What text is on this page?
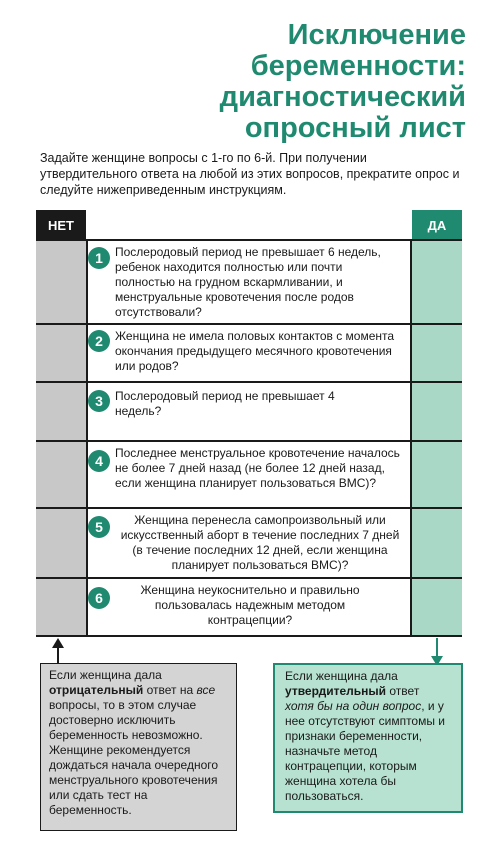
Исключение
беременности:
диагностический
опросный лист
Задайте женщине вопросы с 1-го по 6-й. При получении утвердительного ответа на любой из этих вопросов, прекратите опрос и следуйте нижеприведенным инструкциям.
НЕТ	ДА
1	Послеродовый период не превышает 6 недель, ребенок находится полностью или почти полностью на грудном вскармливании, и менструальные кровотечения после родов отсутствовали?
2	Женщина не имела половых контактов с момента окончания предыдущего месячного кровотечения или родов?
3	Послеродовый период не превышает 4 недель?
4	Последнее менструальное кровотечение началось не более 7 дней назад (не более 12 дней назад, если женщина планирует пользоваться ВМС)?
5	Женщина перенесла самопроизвольный или искусственный аборт в течение последних 7 дней (в течение последних 12 дней, если женщина планирует пользоваться ВМС)?
6	Женщина неукоснительно и правильно пользовалась надежным методом контрацепции?
Если женщина дала отрицательный ответ на все вопросы, то в этом случае достоверно исключить беременность невозможно. Женщине рекомендуется дождаться начала очередного менструального кровотечения или сдать тест на беременность.
Если женщина дала утвердительный ответ хотя бы на один вопрос, и у нее отсутствуют симптомы и признаки беременности, назначьте метод контрацепции, которым женщина хотела бы пользоваться.
